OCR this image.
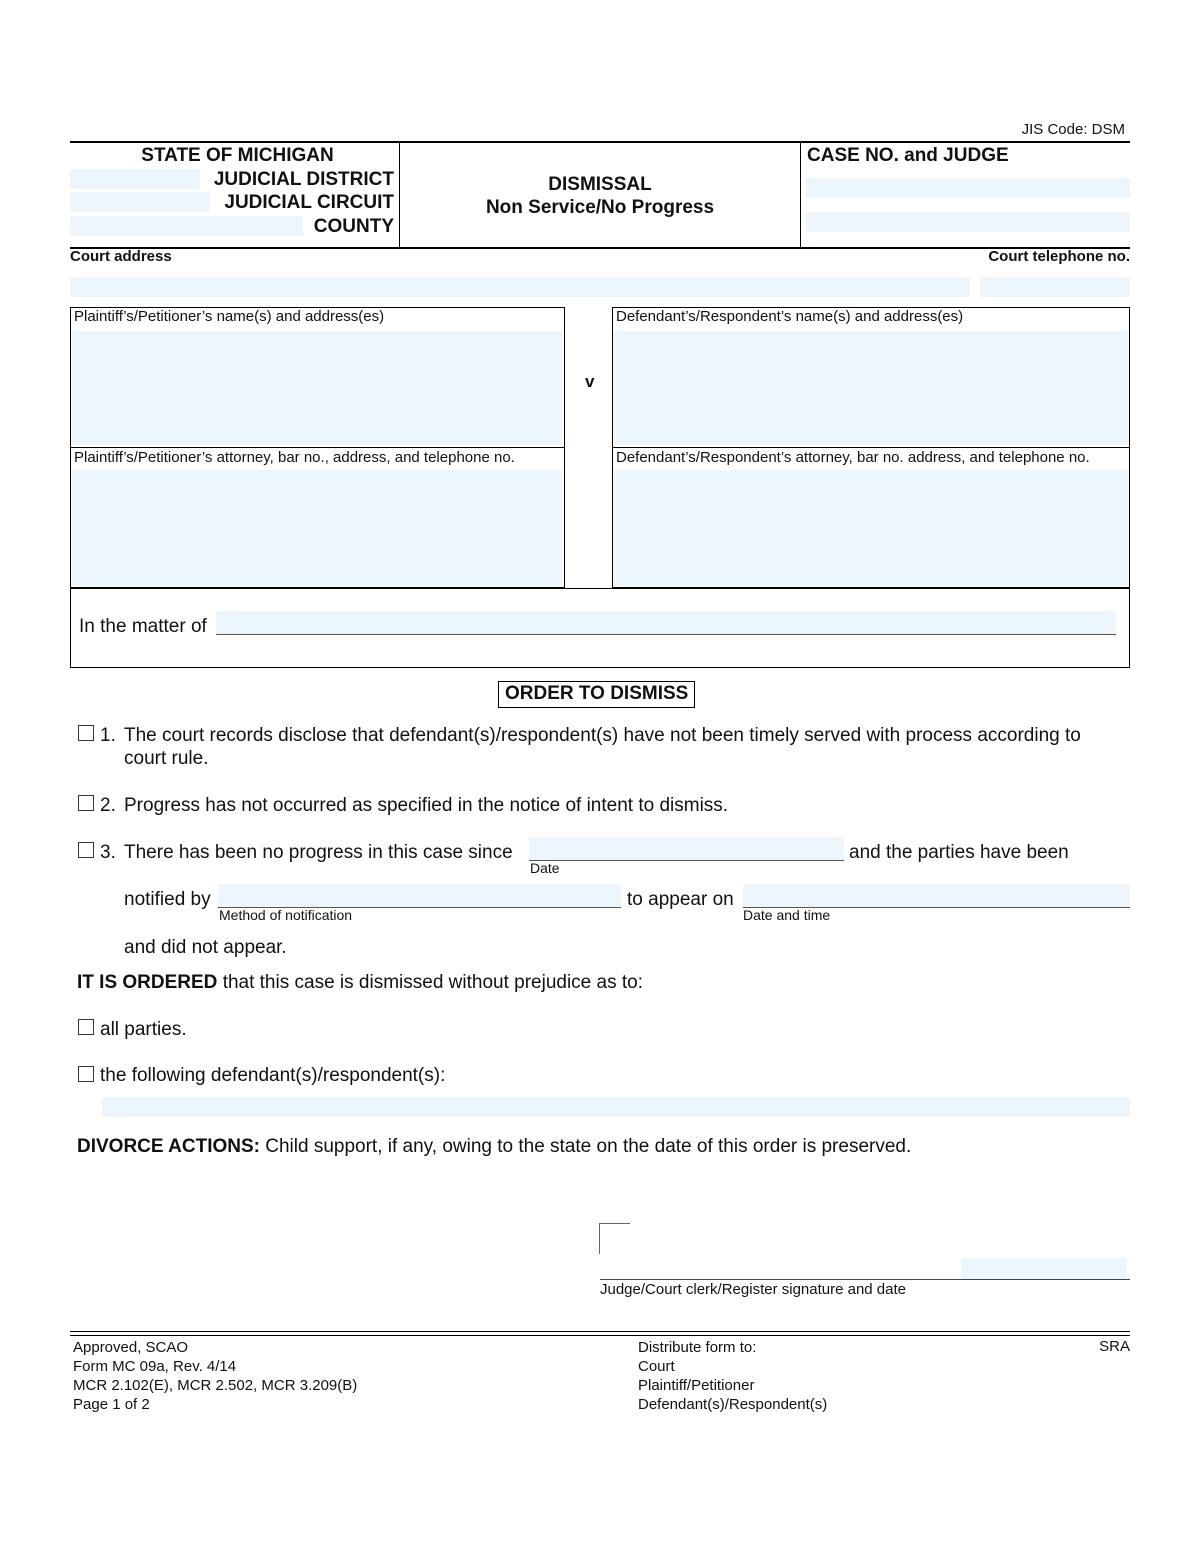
JIS Code: DSM
STATE OF MICHIGAN
JUDICIAL DISTRICT
JUDICIAL CIRCUIT
COUNTY
DISMISSAL
Non Service/No Progress
CASE NO. and JUDGE
Court address	Court telephone no.
Plaintiff’s/Petitioner’s name(s) and address(es)
Plaintiff’s/Petitioner’s attorney, bar no., address, and telephone no.
v
Defendant’s/Respondent’s name(s) and address(es)
Defendant’s/Respondent’s attorney, bar no. address, and telephone no.
In the matter of
ORDER TO DISMISS
1. The court records disclose that defendant(s)/respondent(s) have not been timely served with process according to
court rule.
2. Progress has not occurred as specified in the notice of intent to dismiss.
3. There has been no progress in this case since
Date
and the parties have been
notified by
Method of notification
to appear on
Date and time
and did not appear.
IT IS ORDERED that this case is dismissed without prejudice as to:
all parties.
the following defendant(s)/respondent(s):
DIVORCE ACTIONS: Child support, if any, owing to the state on the date of this order is preserved.
Judge/Court clerk/Register signature and date
Approved, SCAO
Form MC 09a, Rev. 4/14
MCR 2.102(E), MCR 2.502, MCR 3.209(B)
Page 1 of 2
Distribute form to:
Court
Plaintiff/Petitioner
Defendant(s)/Respondent(s)
SRA
